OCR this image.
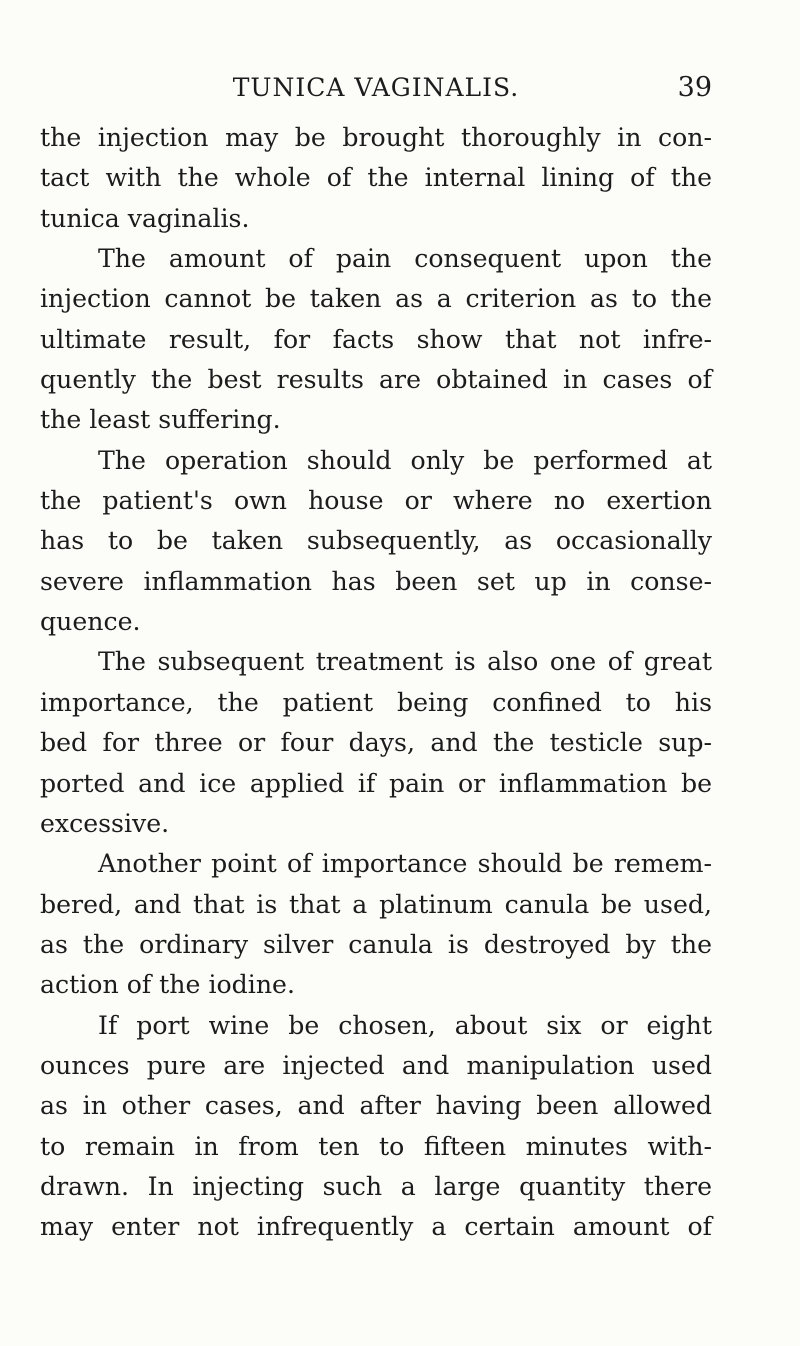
TUNICA VAGINALIS.	39
the injection may be brought thoroughly in con-
tact with the whole of the internal lining of the
tunica vaginalis.
The amount of pain consequent upon the
injection cannot be taken as a criterion as to the
ultimate result, for facts show that not infre-
quently the best results are obtained in cases of
the least suffering.
The operation should only be performed at
the patient's own house or where no exertion
has to be taken subsequently, as occasionally
severe inflammation has been set up in conse-
quence.
The subsequent treatment is also one of great
importance, the patient being confined to his
bed for three or four days, and the testicle sup-
ported and ice applied if pain or inflammation be
excessive.
Another point of importance should be remem-
bered, and that is that a platinum canula be used,
as the ordinary silver canula is destroyed by the
action of the iodine.
If port wine be chosen, about six or eight
ounces pure are injected and manipulation used
as in other cases, and after having been allowed
to remain in from ten to fifteen minutes with-
drawn. In injecting such a large quantity there
may enter not infrequently a certain amount of
